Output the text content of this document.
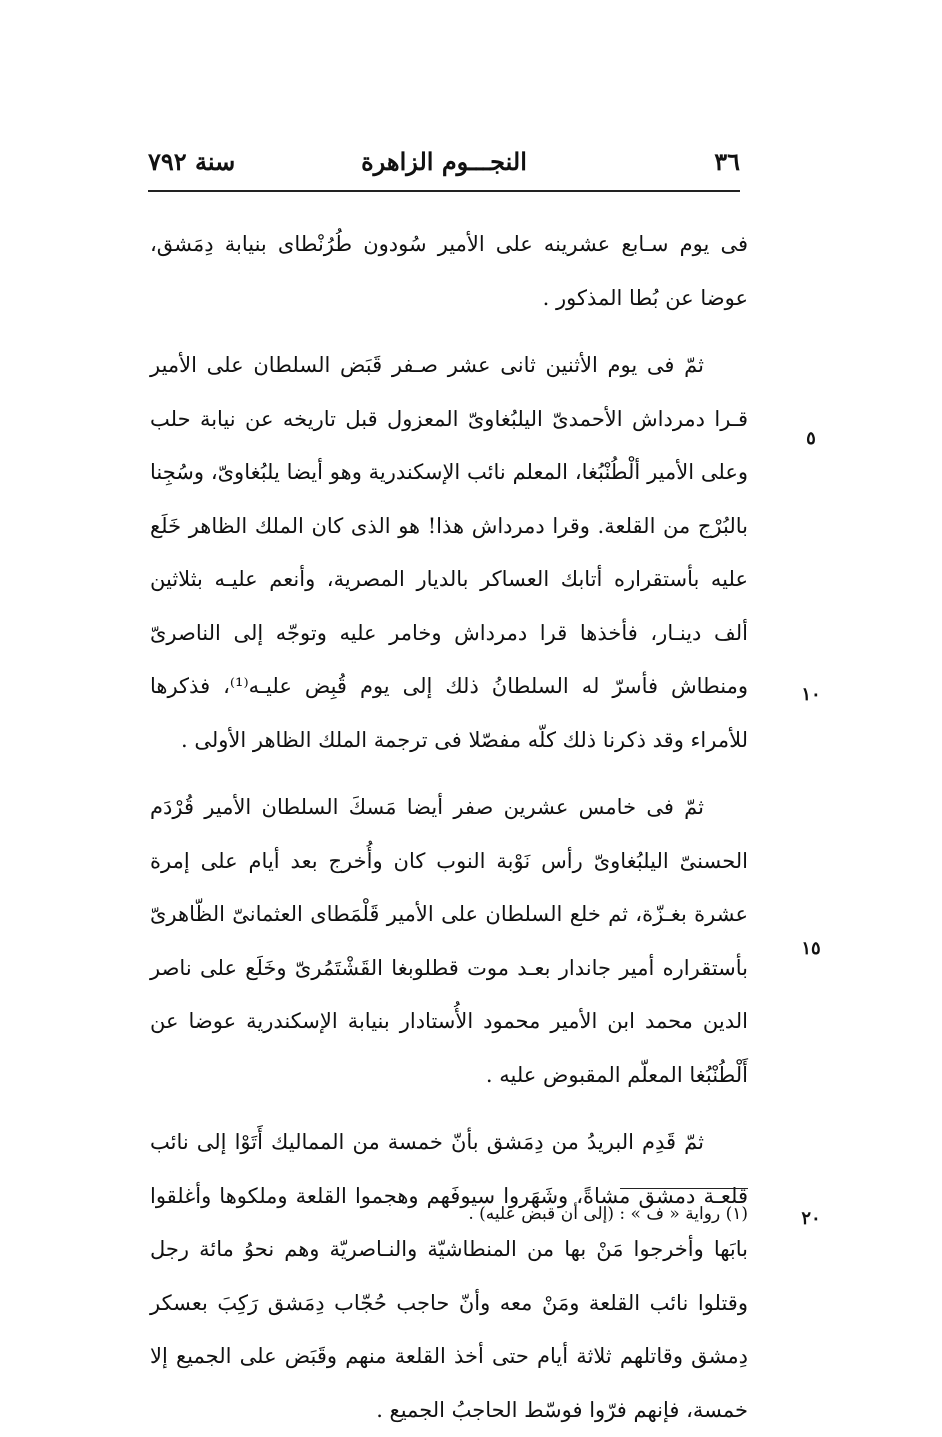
٣٦
النجـــوم الزاهرة
سنة ٧٩٢

فى يوم سـابع عشرينه على الأمير سُودون طُرُنْطاى بنيابة دِمَشق، عوضا عن بُطا المذكور .

ثمّ فى يوم الأثنين ثانى عشر صـفر قَبَض السلطان على الأمير قـرا دمرداش الأحمدىّ اليلبُغاوىّ المعزول قبل تاريخه عن نيابة حلب وعلى الأمير ألْطُنْبُغا، المعلم نائب الإسكندرية وهو أيضا يلبُغاوىّ، وسُجِنا بالبُرْج من القلعة. وقرا دمرداش هذا! هو الذى كان الملك الظاهر خَلَع عليه بأستقراره أتابك العساكر بالديار المصرية، وأنعم عليـه بثلاثين ألف دينـار، فأخذها قرا دمرداش وخامر عليه وتوجّه إلى الناصرىّ ومنطاش فأسرّ له السلطانُ ذلك إلى يوم قُبِض عليـه⁽¹⁾، فذكرها للأمراء وقد ذكرنا ذلك كلّه مفصّلا فى ترجمة الملك الظاهر الأولى .

ثمّ فى خامس عشرين صفر أيضا مَسكَ السلطان الأمير قُرْدَم الحسنىّ اليلبُغاوىّ رأس نَوْبة النوب كان وأُخرج بعد أيام على إمرة عشرة بغـزّة، ثم خلع السلطان على الأمير قَلْمَطاى العثمانىّ الظّاهرىّ بأستقراره أمير جاندار بعـد موت قطلوبغا القَشْتَمُرىّ وخَلَع على ناصر الدين محمد ابن الأمير محمود الأُستادار بنيابة الإسكندرية عوضا عن أَلْطُنْبُغا المعلّم المقبوض عليه .

ثمّ قَدِم البريدُ من دِمَشق بأنّ خمسة من المماليك أَتَوْا إلى نائب قلعـة دمشق مشاةً، وشَهَروا سيوفَهم وهجموا القلعة وملكوها وأغلقوا بابَها وأخرجوا مَنْ بها من المنطاشيّة والنـاصريّة وهم نحوُ مائة رجل وقتلوا نائب القلعة ومَنْ معه وأنّ حاجب حُجّاب دِمَشق رَكِبَ بعسكر دِمشق وقاتلهم ثلاثة أيام حتى أخذ القلعة منهم وقَبَض على الجميع إلا خمسة، فإنهم فرّوا فوسّط الحاجبُ الجميع .

٥
١٠
١٥
٢٠
(١) رواية « ف » : (إلى أن قبض عليه) .
